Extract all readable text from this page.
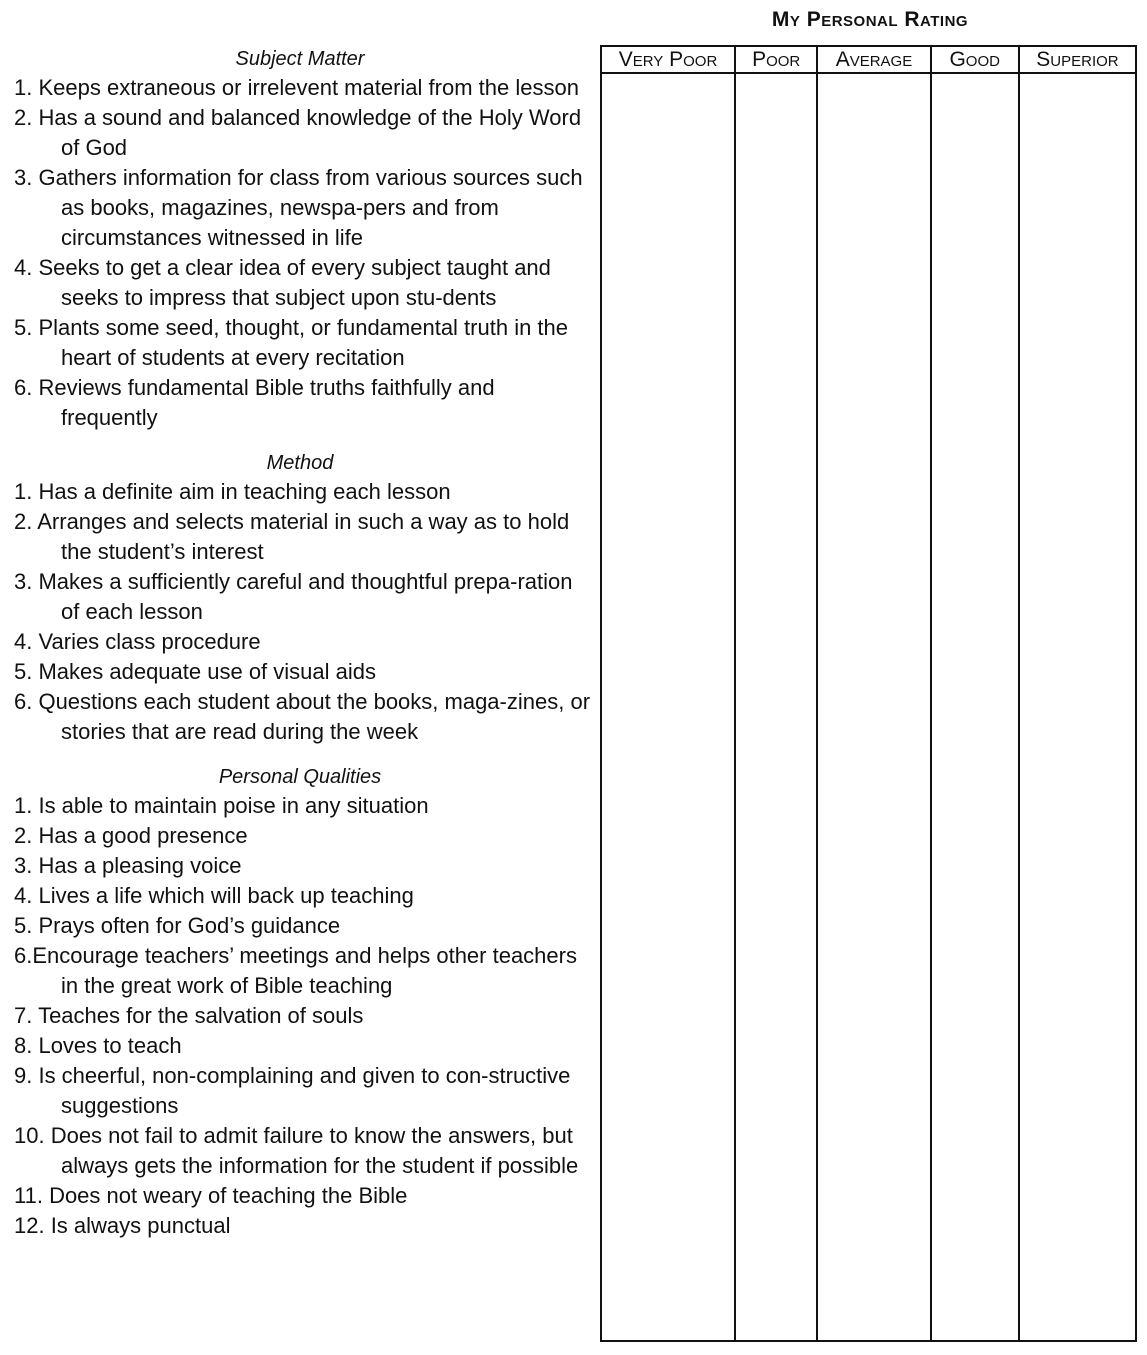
My Personal Rating
Very Poor	Poor	Average	Good	Superior
Subject Matter
1. Keeps extraneous or irrelevent material from the lesson
2. Has a sound and balanced knowledge of the Holy Word of God
3. Gathers information for class from various sources such as books, magazines, newspa-pers and from circumstances witnessed in life
4. Seeks to get a clear idea of every subject taught and seeks to impress that subject upon stu-dents
5. Plants some seed, thought, or fundamental truth in the heart of students at every recitation
6. Reviews fundamental Bible truths faithfully and frequently
Method
1. Has a definite aim in teaching each lesson
2. Arranges and selects material in such a way as to hold the student’s interest
3. Makes a sufficiently careful and thoughtful prepa-ration of each lesson
4. Varies class procedure
5. Makes adequate use of visual aids
6. Questions each student about the books, maga-zines, or stories that are read during the week
Personal Qualities
1. Is able to maintain poise in any situation
2. Has a good presence
3. Has a pleasing voice
4. Lives a life which will back up teaching
5. Prays often for God’s guidance
6.Encourage teachers’ meetings and helps other teachers in the great work of Bible teaching
7. Teaches for the salvation of souls
8. Loves to teach
9. Is cheerful, non-complaining and given to con-structive suggestions
10. Does not fail to admit failure to know the answers, but always gets the information for the student if possible
11. Does not weary of teaching the Bible
12. Is always punctual
